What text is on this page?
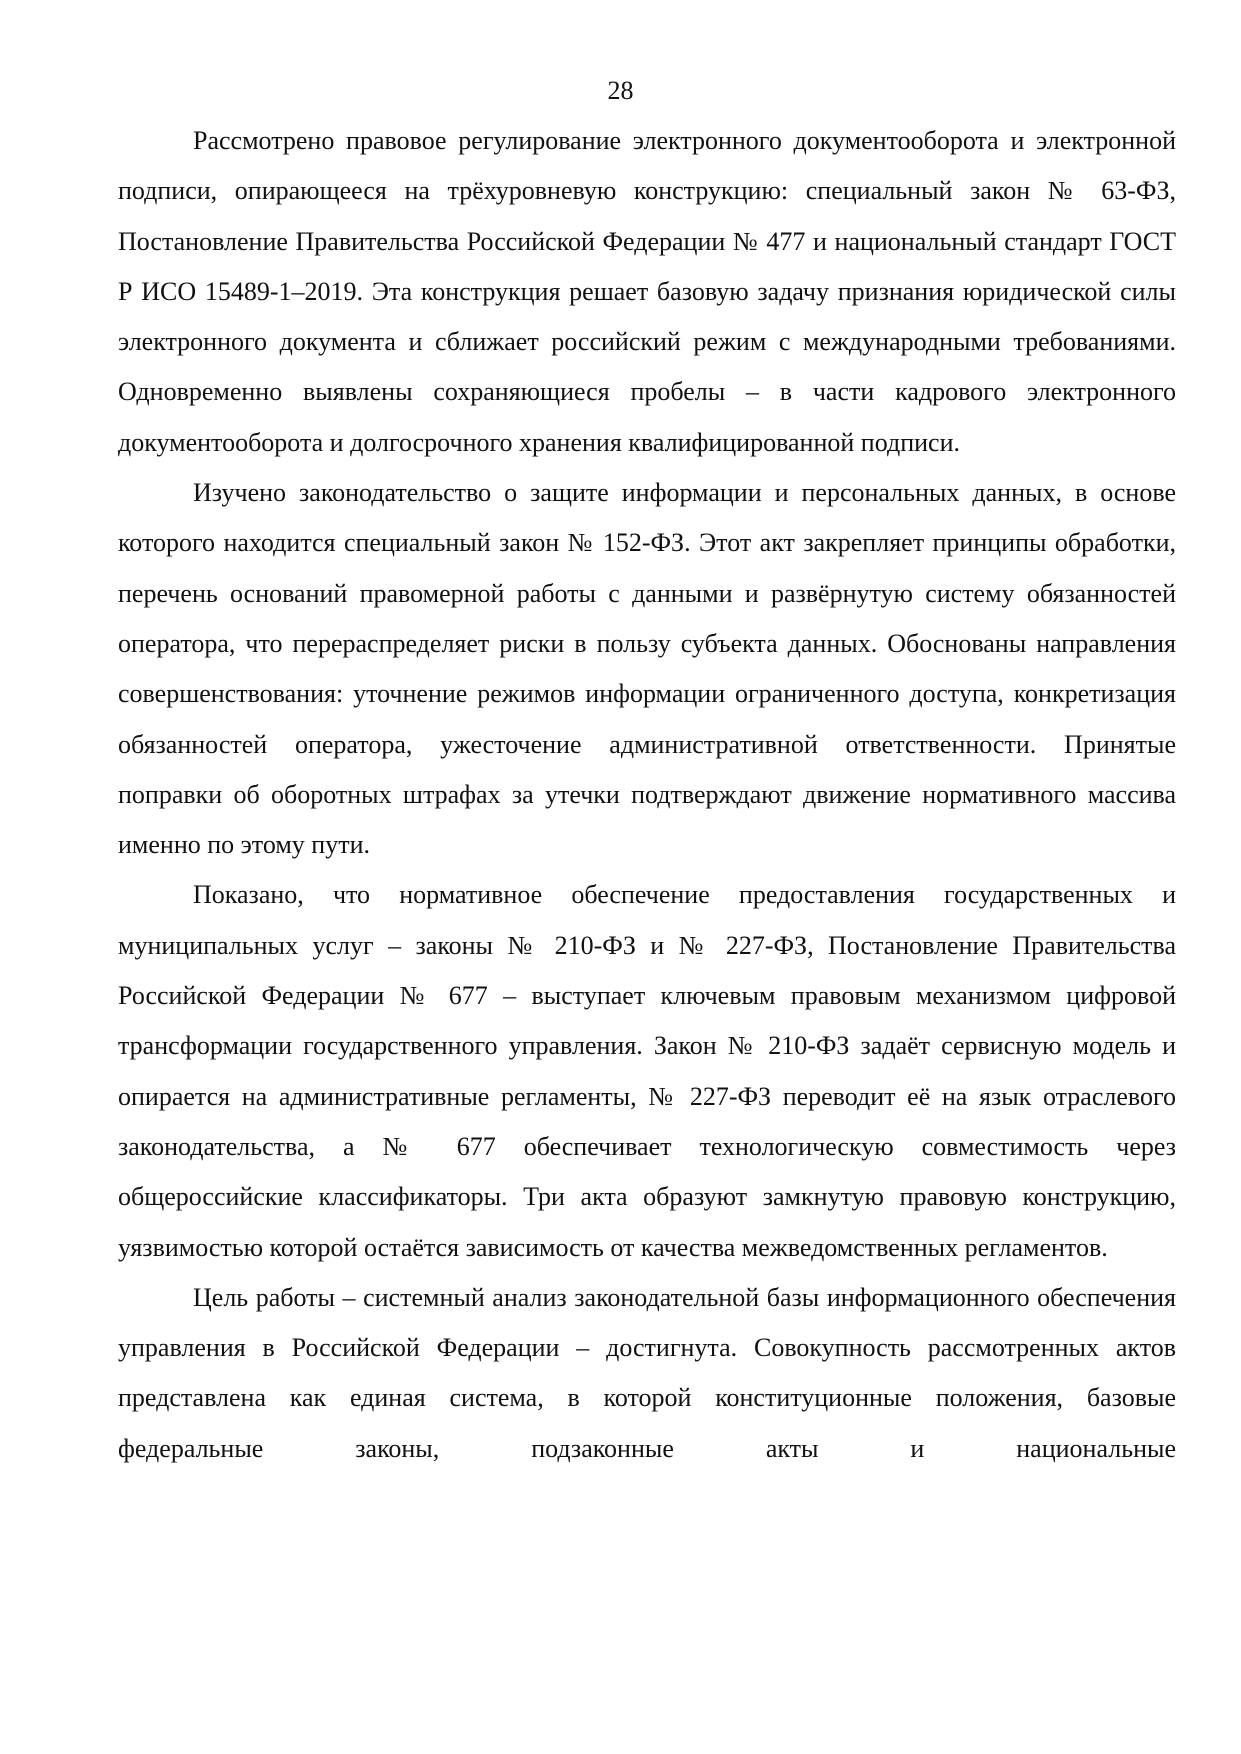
28

Рассмотрено правовое регулирование электронного документооборота и электронной подписи, опирающееся на трёхуровневую конструкцию: специальный закон № 63-ФЗ, Постановление Правительства Российской Федерации № 477 и национальный стандарт ГОСТ Р ИСО 15489-1–2019. Эта конструкция решает базовую задачу признания юридической силы электронного документа и сближает российский режим с международными требованиями. Одновременно выявлены сохраняющиеся пробелы – в части кадрового электронного документооборота и долгосрочного хранения квалифицированной подписи.

Изучено законодательство о защите информации и персональных данных, в основе которого находится специальный закон № 152-ФЗ. Этот акт закрепляет принципы обработки, перечень оснований правомерной работы с данными и развёрнутую систему обязанностей оператора, что перераспределяет риски в пользу субъекта данных. Обоснованы направления совершенствования: уточнение режимов информации ограниченного доступа, конкретизация обязанностей оператора, ужесточение административной ответственности. Принятые поправки об оборотных штрафах за утечки подтверждают движение нормативного массива именно по этому пути.

Показано, что нормативное обеспечение предоставления государственных и муниципальных услуг – законы № 210-ФЗ и № 227-ФЗ, Постановление Правительства Российской Федерации № 677 – выступает ключевым правовым механизмом цифровой трансформации государственного управления. Закон № 210-ФЗ задаёт сервисную модель и опирается на административные регламенты, № 227-ФЗ переводит её на язык отраслевого законодательства, а № 677 обеспечивает технологическую совместимость через общероссийские классификаторы. Три акта образуют замкнутую правовую конструкцию, уязвимостью которой остаётся зависимость от качества межведомственных регламентов.

Цель работы – системный анализ законодательной базы информационного обеспечения управления в Российской Федерации – достигнута. Совокупность рассмотренных актов представлена как единая система, в которой конституционные положения, базовые федеральные законы, подзаконные акты и национальные
